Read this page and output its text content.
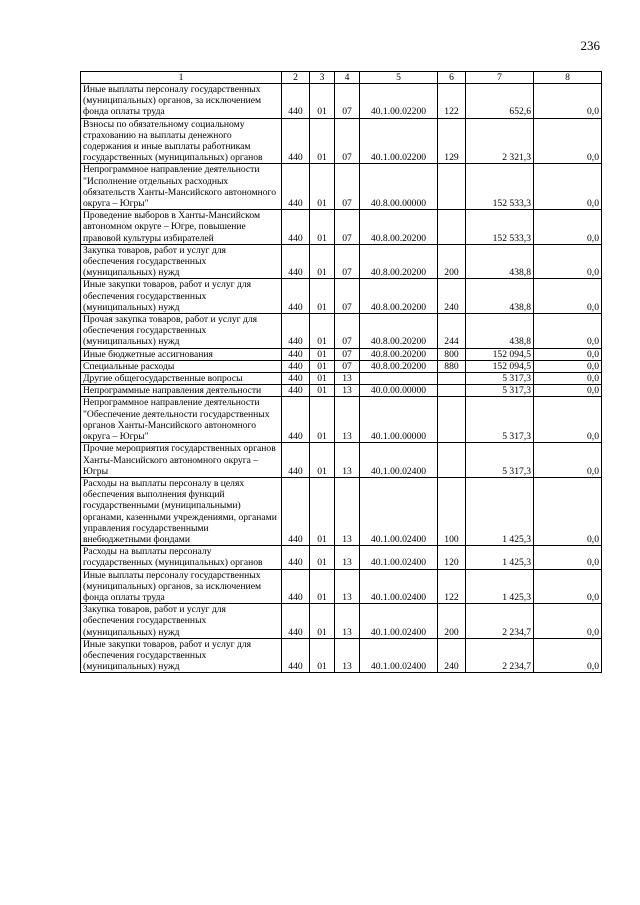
236
1	2	3	4	5	6	7	8
Иные выплаты персоналу государственных (муниципальных) органов, за исключением фонда оплаты труда	440	01	07	40.1.00.02200	122	652,6	0,0
Взносы по обязательному социальному страхованию на выплаты денежного содержания и иные выплаты работникам государственных (муниципальных) органов	440	01	07	40.1.00.02200	129	2 321,3	0,0
Непрограммное направление деятельности "Исполнение отдельных расходных обязательств Ханты-Мансийского автономного округа – Югры"	440	01	07	40.8.00.00000		152 533,3	0,0
Проведение выборов в Ханты-Мансийском автономном округе – Югре, повышение правовой культуры избирателей	440	01	07	40.8.00.20200		152 533,3	0,0
Закупка товаров, работ и услуг для обеспечения государственных (муниципальных) нужд	440	01	07	40.8.00.20200	200	438,8	0,0
Иные закупки товаров, работ и услуг для обеспечения государственных (муниципальных) нужд	440	01	07	40.8.00.20200	240	438,8	0,0
Прочая закупка товаров, работ и услуг для обеспечения государственных (муниципальных) нужд	440	01	07	40.8.00.20200	244	438,8	0,0
Иные бюджетные ассигнования	440	01	07	40.8.00.20200	800	152 094,5	0,0
Специальные расходы	440	01	07	40.8.00.20200	880	152 094,5	0,0
Другие общегосударственные вопросы	440	01	13			5 317,3	0,0
Непрограммные направления деятельности	440	01	13	40.0.00.00000		5 317,3	0,0
Непрограммное направление деятельности "Обеспечение деятельности государственных органов Ханты-Мансийского автономного округа – Югры"	440	01	13	40.1.00.00000		5 317,3	0,0
Прочие мероприятия государственных органов Ханты-Мансийского автономного округа – Югры	440	01	13	40.1.00.02400		5 317,3	0,0
Расходы на выплаты персоналу в целях обеспечения выполнения функций государственными (муниципальными) органами, казенными учреждениями, органами управления государственными внебюджетными фондами	440	01	13	40.1.00.02400	100	1 425,3	0,0
Расходы на выплаты персоналу государственных (муниципальных) органов	440	01	13	40.1.00.02400	120	1 425,3	0,0
Иные выплаты персоналу государственных (муниципальных) органов, за исключением фонда оплаты труда	440	01	13	40.1.00.02400	122	1 425,3	0,0
Закупка товаров, работ и услуг для обеспечения государственных (муниципальных) нужд	440	01	13	40.1.00.02400	200	2 234,7	0,0
Иные закупки товаров, работ и услуг для обеспечения государственных (муниципальных) нужд	440	01	13	40.1.00.02400	240	2 234,7	0,0
